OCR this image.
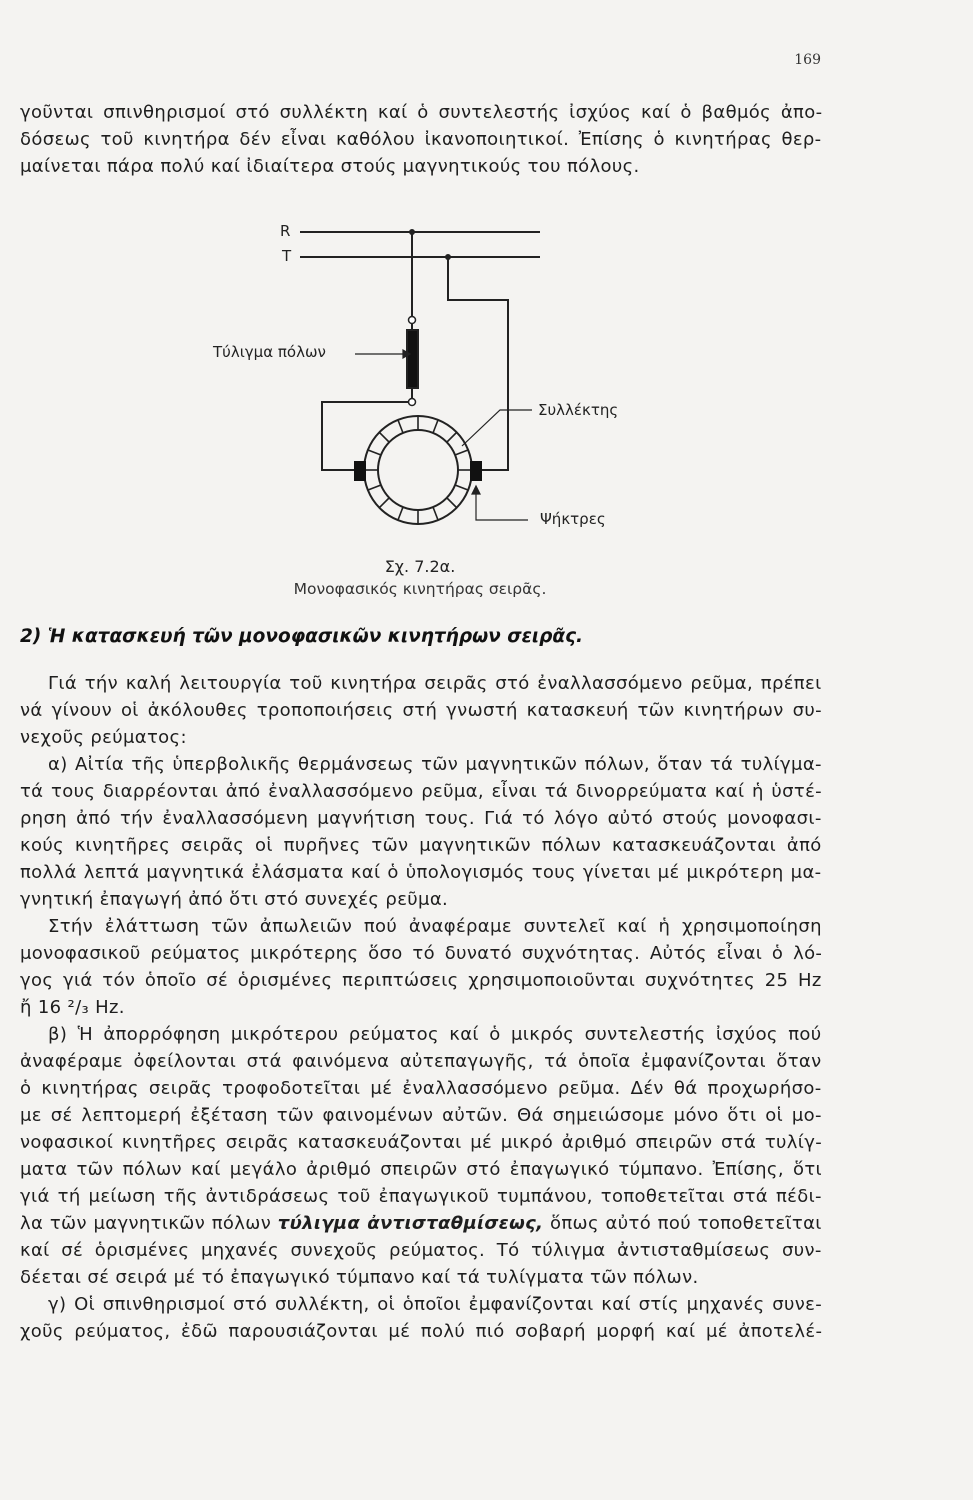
169
γοῦνται σπινθηρισμοί στό συλλέκτη καί ὁ συντελεστής ἰσχύος καί ὁ βαθμός ἀπο-
δόσεως τοῦ κινητήρα δέν εἶναι καθόλου ἰκανοποιητικοί. Ἐπίσης ὁ κινητήρας θερ-
μαίνεται πάρα πολύ καί ἰδιαίτερα στούς μαγνητικούς του πόλους.
R
T
Τύλιγμα πόλων
Συλλέκτης
Ψήκτρες
Σχ. 7.2α.
Μονοφασικός κινητήρας σειρᾶς.
2) Ἡ κατασκευή τῶν μονοφασικῶν κινητήρων σειρᾶς.
Γιά τήν καλή λειτουργία τοῦ κινητήρα σειρᾶς στό ἐναλλασσόμενο ρεῦμα, πρέπει
νά γίνουν οἱ ἀκόλουθες τροποποιήσεις στή γνωστή κατασκευή τῶν κινητήρων συ-
νεχοῦς ρεύματος:
α) Αἰτία τῆς ὑπερβολικῆς θερμάνσεως τῶν μαγνητικῶν πόλων, ὅταν τά τυλίγμα-
τά τους διαρρέονται ἀπό ἐναλλασσόμενο ρεῦμα, εἶναι τά δινορρεύματα καί ἡ ὑστέ-
ρηση ἀπό τήν ἐναλλασσόμενη μαγνήτιση τους. Γιά τό λόγο αὐτό στούς μονοφασι-
κούς κινητῆρες σειρᾶς οἱ πυρῆνες τῶν μαγνητικῶν πόλων κατασκευάζονται ἀπό
πολλά λεπτά μαγνητικά ἐλάσματα καί ὁ ὑπολογισμός τους γίνεται μέ μικρότερη μα-
γνητική ἐπαγωγή ἀπό ὅτι στό συνεχές ρεῦμα.
Στήν ἐλάττωση τῶν ἀπωλειῶν πού ἀναφέραμε συντελεῖ καί ἡ χρησιμοποίηση
μονοφασικοῦ ρεύματος μικρότερης ὅσο τό δυνατό συχνότητας. Αὐτός εἶναι ὁ λό-
γος γιά τόν ὁποῖο σέ ὁρισμένες περιπτώσεις χρησιμοποιοῦνται συχνότητες 25 Hz
ἤ 16 ²/₃ Hz.
β) Ἡ ἀπορρόφηση μικρότερου ρεύματος καί ὁ μικρός συντελεστής ἰσχύος πού
ἀναφέραμε ὀφείλονται στά φαινόμενα αὐτεπαγωγῆς, τά ὁποῖα ἐμφανίζονται ὅταν
ὁ κινητήρας σειρᾶς τροφοδοτεῖται μέ ἐναλλασσόμενο ρεῦμα. Δέν θά προχωρήσο-
με σέ λεπτομερή ἐξέταση τῶν φαινομένων αὐτῶν. Θά σημειώσομε μόνο ὅτι οἱ μο-
νοφασικοί κινητῆρες σειρᾶς κατασκευάζονται μέ μικρό ἀριθμό σπειρῶν στά τυλίγ-
ματα τῶν πόλων καί μεγάλο ἀριθμό σπειρῶν στό ἐπαγωγικό τύμπανο. Ἐπίσης, ὅτι
γιά τή μείωση τῆς ἀντιδράσεως τοῦ ἐπαγωγικοῦ τυμπάνου, τοποθετεῖται στά πέδι-
λα τῶν μαγνητικῶν πόλων τύλιγμα ἀντισταθμίσεως, ὅπως αὐτό πού τοποθετεῖται
καί σέ ὁρισμένες μηχανές συνεχοῦς ρεύματος. Τό τύλιγμα ἀντισταθμίσεως συν-
δέεται σέ σειρά μέ τό ἐπαγωγικό τύμπανο καί τά τυλίγματα τῶν πόλων.
γ) Οἱ σπινθηρισμοί στό συλλέκτη, οἱ ὁποῖοι ἐμφανίζονται καί στίς μηχανές συνε-
χοῦς ρεύματος, ἐδῶ παρουσιάζονται μέ πολύ πιό σοβαρή μορφή καί μέ ἀποτελέ-
